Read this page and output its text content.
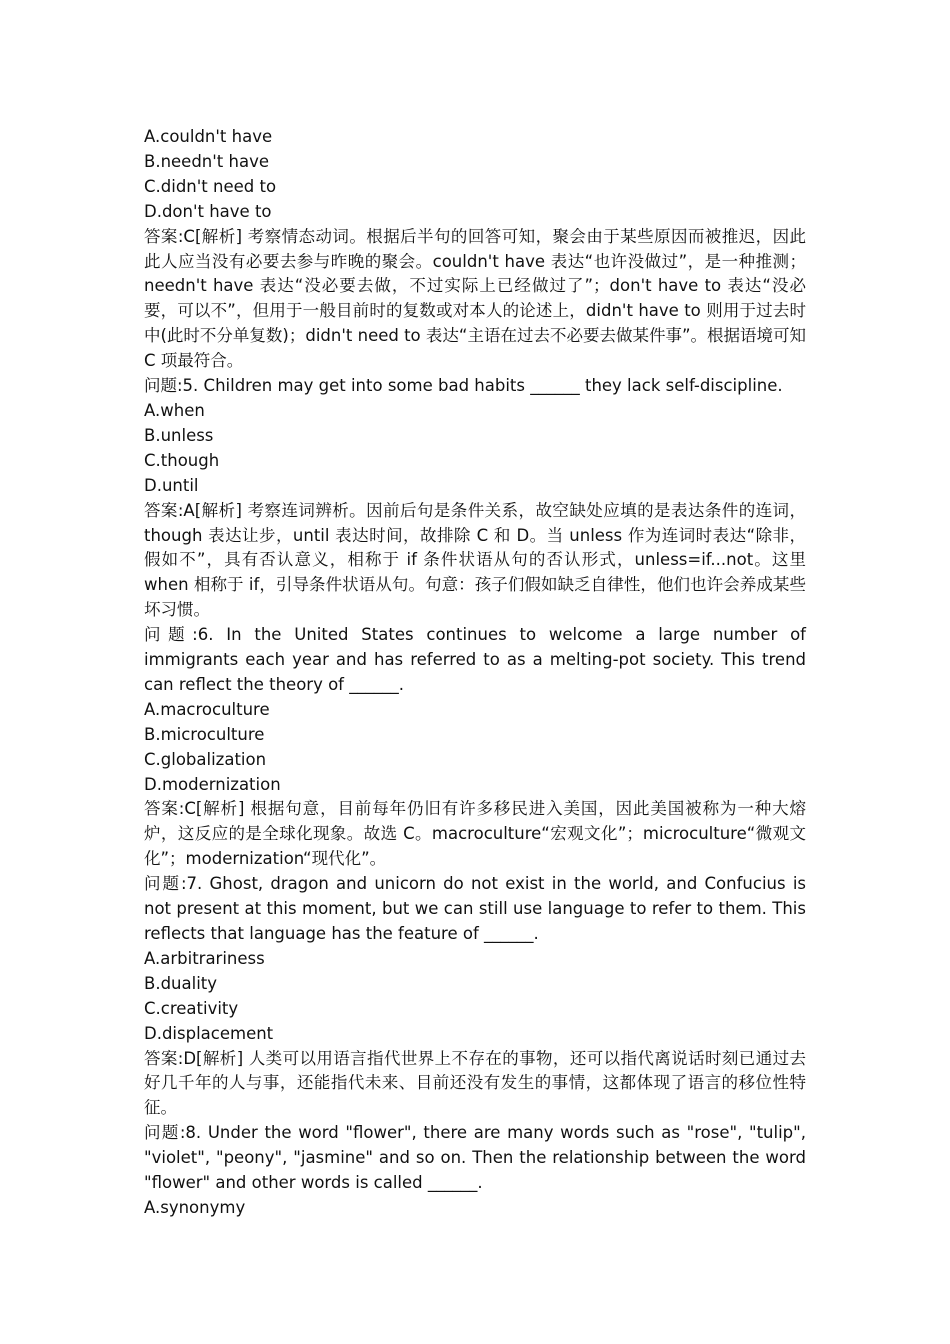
A.couldn't have
B.needn't have
C.didn't need to
D.don't have to
答案:C[解析] 考察情态动词。根据后半句的回答可知，聚会由于某些原因而被推迟，因此此人应当没有必要去参与昨晚的聚会。couldn't have 表达“也许没做过”，是一种推测；needn't have 表达“没必要去做，不过实际上已经做过了”；don't have to 表达“没必要，可以不”，但用于一般目前时的复数或对本人的论述上，didn't have to 则用于过去时中(此时不分单复数)；didn't need to 表达“主语在过去不必要去做某件事”。根据语境可知 C 项最符合。
问题:5. Children may get into some bad habits ______ they lack self-discipline.
A.when
B.unless
C.though
D.until
答案:A[解析] 考察连词辨析。因前后句是条件关系，故空缺处应填的是表达条件的连词，though 表达让步，until 表达时间，故排除 C 和 D。当 unless 作为连词时表达“除非，假如不”，具有否认意义，相称于 if 条件状语从句的否认形式，unless=if...not。这里 when 相称于 if，引导条件状语从句。句意：孩子们假如缺乏自律性，他们也许会养成某些坏习惯。
问题:6. In the United States continues to welcome a large number of immigrants each year and has referred to as a melting-pot society. This trend can reflect the theory of ______.
A.macroculture
B.microculture
C.globalization
D.modernization
答案:C[解析] 根据句意，目前每年仍旧有许多移民进入美国，因此美国被称为一种大熔炉，这反应的是全球化现象。故选 C。macroculture“宏观文化”；microculture“微观文化”；modernization“现代化”。
问题:7. Ghost, dragon and unicorn do not exist in the world, and Confucius is not present at this moment, but we can still use language to refer to them. This reflects that language has the feature of ______.
A.arbitrariness
B.duality
C.creativity
D.displacement
答案:D[解析] 人类可以用语言指代世界上不存在的事物，还可以指代离说话时刻已通过去好几千年的人与事，还能指代未来、目前还没有发生的事情，这都体现了语言的移位性特征。
问题:8. Under the word "flower", there are many words such as "rose", "tulip", "violet", "peony", "jasmine" and so on. Then the relationship between the word "flower" and other words is called ______.
A.synonymy
